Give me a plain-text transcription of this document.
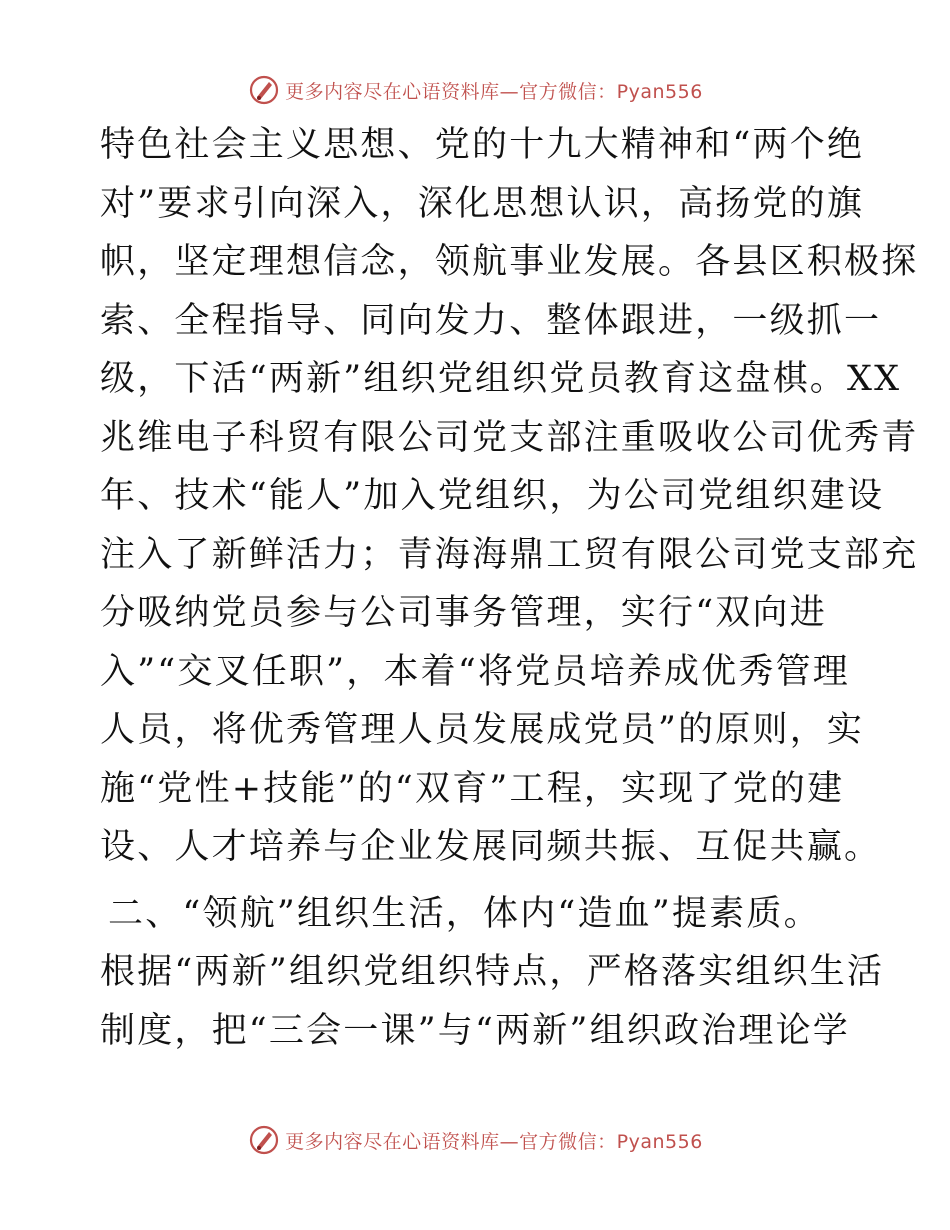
更多内容尽在心语资料库—官方微信：Pyan556
特色社会主义思想、党的十九大精神和“两个绝
对”要求引向深入，深化思想认识，高扬党的旗
帜，坚定理想信念，领航事业发展。各县区积极探
索、全程指导、同向发力、整体跟进，一级抓一
级，下活“两新”组织党组织党员教育这盘棋。XX
兆维电子科贸有限公司党支部注重吸收公司优秀青
年、技术“能人”加入党组织，为公司党组织建设
注入了新鲜活力；青海海鼎工贸有限公司党支部充
分吸纳党员参与公司事务管理，实行“双向进
入”“交叉任职”，本着“将党员培养成优秀管理
人员，将优秀管理人员发展成党员”的原则，实
施“党性+技能”的“双育”工程，实现了党的建
设、人才培养与企业发展同频共振、互促共赢。
二、“领航”组织生活，体内“造血”提素质。
根据“两新”组织党组织特点，严格落实组织生活
制度，把“三会一课”与“两新”组织政治理论学
更多内容尽在心语资料库—官方微信：Pyan556
